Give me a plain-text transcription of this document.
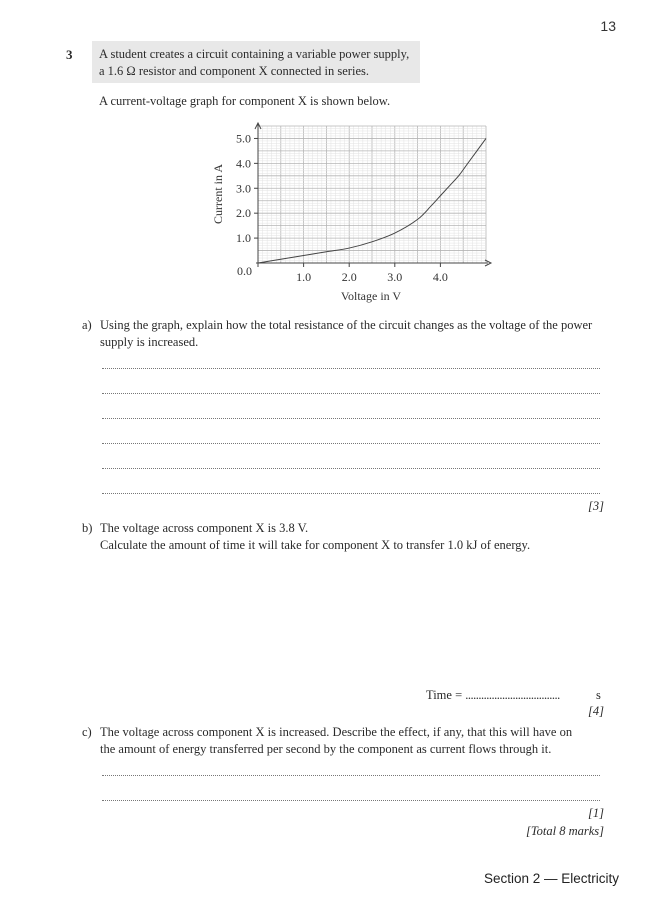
13
3 A student creates a circuit containing a variable power supply,
a 1.6 Ω resistor and component X connected in series.
A current-voltage graph for component X is shown below.
1.0	2.0	3.0	4.0
1.0
2.0
3.0
4.0
5.0
0.0
Voltage in V
Current in A
a) Using the graph, explain how the total resistance of the circuit changes as the voltage of the power
supply is increased.
[3]
b) The voltage across component X is 3.8 V.
Calculate the amount of time it will take for component X to transfer 1.0 kJ of energy.
Time = ....................................	s
[4]
c) The voltage across component X is increased. Describe the effect, if any, that this will have on
the amount of energy transferred per second by the component as current flows through it.
[1]
[Total 8 marks]
Section 2 — Electricity
